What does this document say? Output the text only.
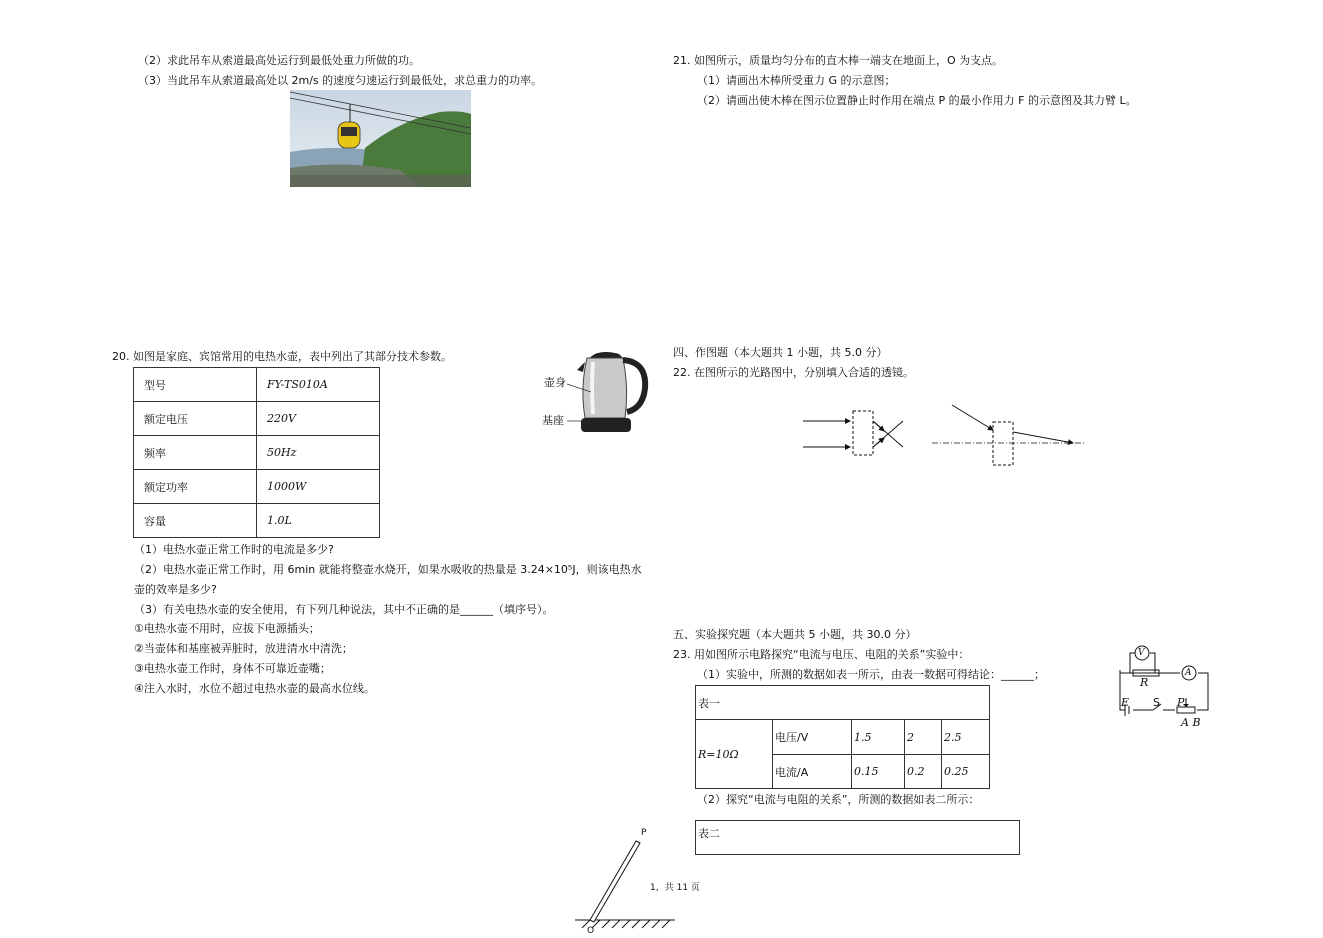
（2）求此吊车从索道最高处运行到最低处重力所做的功。
（3）当此吊车从索道最高处以 2m/s 的速度匀速运行到最低处，求总重力的功率。
20. 如图是家庭、宾馆常用的电热水壶，表中列出了其部分技术参数。
型号	FY-TS010A
额定电压	220V
频率	50Hz
额定功率	1000W
容量	1.0L
壶身
基座
（1）电热水壶正常工作时的电流是多少?
（2）电热水壶正常工作时，用 6min 就能将整壶水烧开，如果水吸收的热量是 3.24×10⁵J，则该电热水
壶的效率是多少?
（3）有关电热水壶的安全使用，有下列几种说法，其中不正确的是______（填序号）。
①电热水壶不用时，应拔下电源插头；
②当壶体和基座被弄脏时，放进清水中清洗；
③电热水壶工作时，身体不可靠近壶嘴；
④注入水时，水位不超过电热水壶的最高水位线。
21. 如图所示，质量均匀分布的直木棒一端支在地面上，O 为支点。
（1）请画出木棒所受重力 G 的示意图；
（2）请画出使木棒在图示位置静止时作用在端点 P 的最小作用力 F 的示意图及其力臂 L。
四、作图题（本大题共 1 小题，共 5.0 分）
22. 在图所示的光路图中，分别填入合适的透镜。
五、实验探究题（本大题共 5 小题，共 30.0 分）
23. 用如图所示电路探究“电流与电压、电阻的关系”实验中：
（1）实验中，所测的数据如表一所示，由表一数据可得结论：______；
表一				
R=10Ω	电压/V	1.5	2	2.5
	电流/A	0.15	0.2	0.25
（2）探究“电流与电阻的关系”，所测的数据如表二所示：
表二
V
A
R
E S P
A B
P
O
1，共 11 页
